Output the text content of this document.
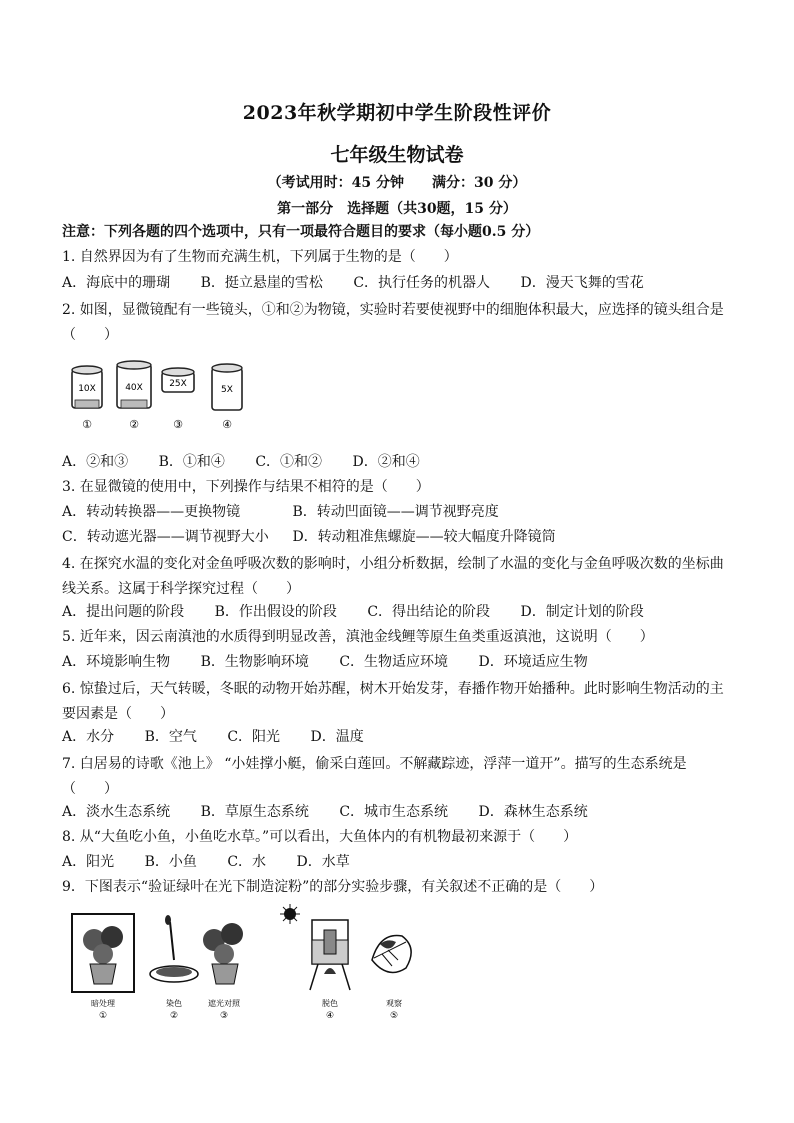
2023年秋学期初中学生阶段性评价
七年级生物试卷
（考试用时：45 分钟　　满分：30 分）
第一部分　选择题（共30题，15 分）
注意：下列各题的四个选项中，只有一项最符合题目的要求（每小题0.5 分）
1. 自然界因为有了生物而充满生机，下列属于生物的是（　　）
A．海底中的珊瑚 B．挺立悬崖的雪松 C．执行任务的机器人 D．漫天飞舞的雪花
2. 如图，显微镜配有一些镜头，①和②为物镜，实验时若要使视野中的细胞体积最大，应选择的镜头组合是（　　）
10X
①
40X
②
25X
③
5X
④
A．②和③ B．①和④ C．①和② D．②和④
3. 在显微镜的使用中，下列操作与结果不相符的是（　　）
A．转动转换器——更换物镜	B．转动凹面镜——调节视野亮度
C．转动遮光器——调节视野大小 D．转动粗准焦螺旋——较大幅度升降镜筒
4. 在探究水温的变化对金鱼呼吸次数的影响时，小组分析数据，绘制了水温的变化与金鱼呼吸次数的坐标曲线关系。这属于科学探究过程（　　）
A．提出问题的阶段 B．作出假设的阶段 C．得出结论的阶段 D．制定计划的阶段
5. 近年来，因云南滇池的水质得到明显改善，滇池金线鲤等原生鱼类重返滇池，这说明（　　）
A．环境影响生物 B．生物影响环境 C．生物适应环境 D．环境适应生物
6. 惊蛰过后，天气转暖，冬眠的动物开始苏醒，树木开始发芽，春播作物开始播种。此时影响生物活动的主要因素是（　　）
A．水分 B．空气 C．阳光 D．温度
7. 白居易的诗歌《池上》 “小娃撑小艇，偷采白莲回。不解藏踪迹，浮萍一道开”。描写的生态系统是（　　）
A．淡水生态系统 B．草原生态系统 C．城市生态系统 D．森林生态系统
8. 从“大鱼吃小鱼，小鱼吃水草。”可以看出，大鱼体内的有机物最初来源于（　　）
A．阳光 B．小鱼 C．水 D．水草
9．下图表示“验证绿叶在光下制造淀粉”的部分实验步骤，有关叙述不正确的是（　　）
暗处理
①
染色
②
遮光对照
③
脱色
④
观察
⑤
